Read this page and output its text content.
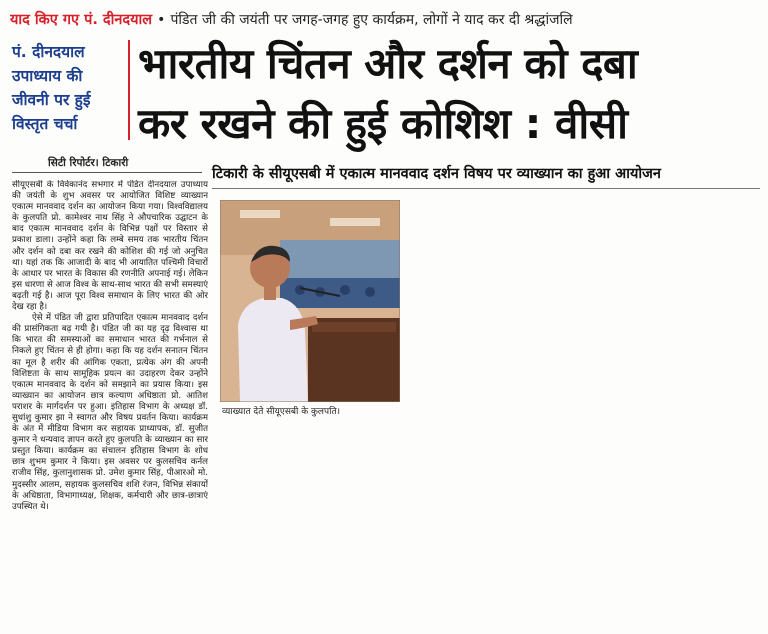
याद किए गए पं. दीनदयाल • पंडित जी की जयंती पर जगह-जगह हुए कार्यक्रम, लोगों ने याद कर दी श्रद्धांजलि
पं. दीनदयाल
उपाध्याय की
जीवनी पर हुई
विस्तृत चर्चा
भारतीय चिंतन और दर्शन को दबा
कर रखने की हुई कोशिश : वीसी
सिटी रिपोर्टर। टिकारी
टिकारी के सीयूएसबी में एकात्म मानववाद दर्शन विषय पर व्याख्यान का हुआ आयोजन

सीयूएसबी के विवेकानंद सभगार में पंडित दीनदयाल उपाध्याय की जयंती के शुभ अवसर पर आयोजित विशिष्ट व्याख्यान एकात्म मानववाद दर्शन का आयोजन किया गया। विश्वविद्यालय के कुलपति प्रो. कामेश्वर नाथ सिंह ने औपचारिक उद्घाटन के बाद एकात्म मानववाद दर्शन के विभिन्न पक्षों पर विस्तार से प्रकाश डाला। उन्होंने कहा कि लम्बे समय तक भारतीय चिंतन और दर्शन को दबा कर रखने की कोशिश की गई जो अनुचित था। यहां तक कि आजादी के बाद भी आयातित पश्चिमी विचारों के आधार पर भारत के विकास की रणनीति अपनाई गई। लेकिन इस धारणा से आज विश्व के साथ-साथ भारत की सभी समस्याएं बढ़ती गई है। आज पूरा विश्व समाधान के लिए भारत की ओर देख रहा है।

ऐसे में पंडित जी द्वारा प्रतिपादित एकात्म मानववाद दर्शन की प्रासंगिकता बढ़ गयी है। पंडित जी का यह दृढ़ विश्वास था कि भारत की समस्याओं का समाधान भारत की गर्भनाल से निकले हुए चिंतन से ही होगा। कहा कि यह दर्शन सनातन चिंतन का मूल है शरीर की आंगिक एकता, प्रत्येक अंग की अपनी विशिष्टता के साथ सामूहिक प्रयत्न का उदाहरण देकर उन्होंने एकात्म मानववाद के दर्शन को समझाने का प्रयास किया। इस व्याख्यान का आयोजन छात्र कल्याण अधिष्ठाता प्रो. आतिश पराशर के मार्गदर्शन पर हुआ। इतिहास विभाग के अध्यक्ष डॉ. सुधांशु कुमार झा ने स्वागत और विषय प्रवर्तन किया। कार्यक्रम के अंत में मीडिया विभाग कर सहायक प्राध्यापक, डॉ. सुजीत कुमार ने धन्यवाद ज्ञापन करते हुए कुलपति के व्याख्यान का सार प्रस्तुत किया। कार्यक्रम का संचालन इतिहास विभाग के शोध छात्र शुभम कुमार ने किया। इस अवसर पर कुलसचिव कर्नल राजीव सिंह, कुलानुशासक प्रो. उमेश कुमार सिंह, पीआरओ मो. मुदस्सीर आलम, सहायक कुलसचिव शशि रंजन, विभिन्न संकायों के अधिष्ठाता, विभागाध्यक्ष, शिक्षक, कर्मचारी और छात्र-छात्राएं उपस्थित थे।

व्याख्यात देते सीयूएसबी के कुलपति।
